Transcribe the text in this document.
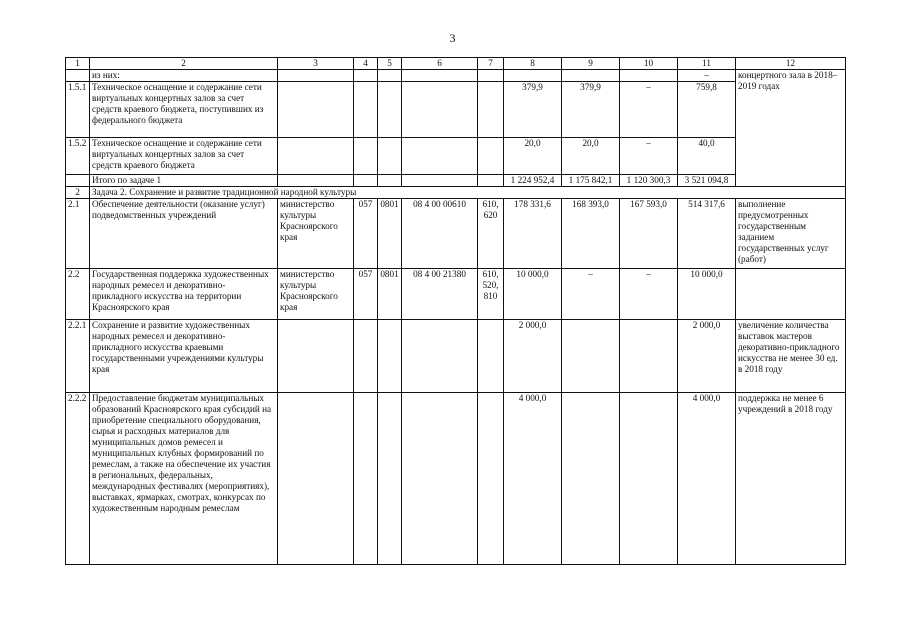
3
1	2	3	4	5	6	7	8	9	10	11	12
	из них:									–	концертного зала в 2018–2019 годах
1.5.1	Техническое оснащение и содержание сети виртуальных концертных залов за счет средств краевого бюджета, поступивших из федерального бюджета						379,9	379,9	–	759,8	
1.5.2	Техническое оснащение и содержание сети виртуальных концертных залов за счет средств краевого бюджета						20,0	20,0	–	40,0	
	Итого по задаче 1						1 224 952,4	1 175 842,1	1 120 300,3	3 521 094,8	
2	Задача 2. Сохранение и развитие традиционной народной культуры										
2.1	Обеспечение деятельности (оказание услуг) подведомственных учреждений	министерство культуры Красноярского края	057	0801	08 4 00 00610	610, 620	178 331,6	168 393,0	167 593,0	514 317,6	выполнение предусмотренных государственным заданием государственных услуг (работ)
2.2	Государственная поддержка художественных народных ремесел и декоративно-прикладного искусства на территории Красноярского края	министерство культуры Красноярского края	057	0801	08 4 00 21380	610, 520, 810	10 000,0	–	–	10 000,0	
2.2.1	Сохранение и развитие художественных народных ремесел и декоративно-прикладного искусства краевыми государственными учреждениями культуры края						2 000,0			2 000,0	увеличение количества выставок мастеров декоративно-прикладного искусства не менее 30 ед. в 2018 году
2.2.2	Предоставление бюджетам муниципальных образований Красноярского края субсидий на приобретение специального оборудования, сырья и расходных материалов для муниципальных домов ремесел и муниципальных клубных формирований по ремеслам, а также на обеспечение их участия в региональных, федеральных, международных фестивалях (мероприятиях), выставках, ярмарках, смотрах, конкурсах по художественным народным ремеслам						4 000,0			4 000,0	поддержка не менее 6 учреждений в 2018 году
